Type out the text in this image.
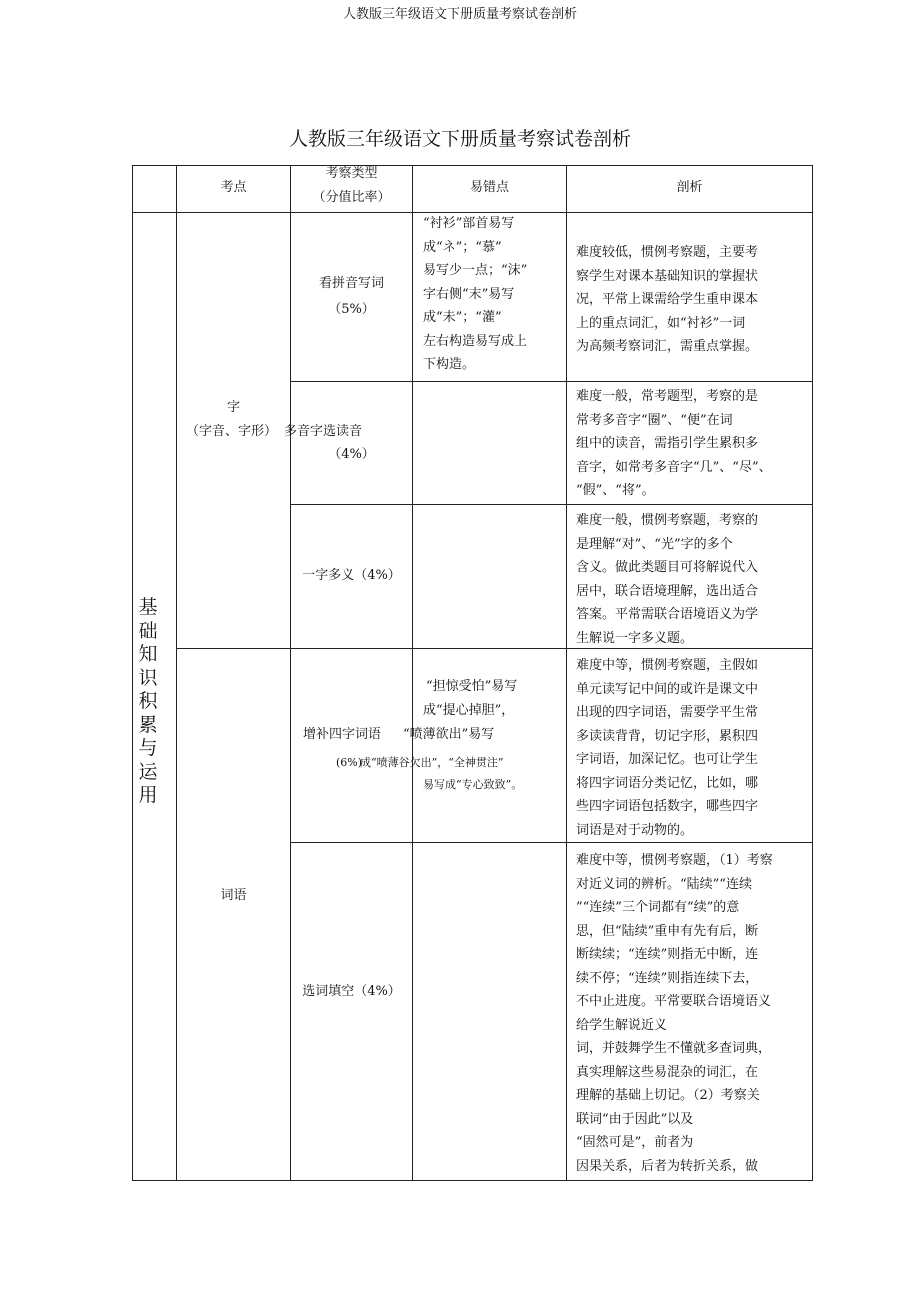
人教版三年级语文下册质量考察试卷剖析
人教版三年级语文下册质量考察试卷剖析
考点
考察类型
（分值比率）
易错点	剖析
基
础
知
识
积
累
与
运
用
字
（字音、字形）
词语
看拼音写词
（5%）
“衬衫”部首易写
成“ネ”；“慕”
易写少一点；“沫”
字右侧“末”易写
成“未”；“灌”
左右构造易写成上
下构造。
难度较低，惯例考察题，主要考
察学生对课本基础知识的掌握状
况，平常上课需给学生重申课本
上的重点词汇，如“衬衫”一词
为高频考察词汇，需重点掌握。
多音字选读音
（4%）
难度一般，常考题型，考察的是
常考多音字“圈”、“便”在词
组中的读音，需指引学生累积多
音字，如常考多音字“几”、“尽”、
“假”、“将”。
一字多义（4%）
难度一般，惯例考察题，考察的
是理解“对”、“光”字的多个
含义。做此类题目可将解说代入
居中，联合语境理解，选出适合
答案。平常需联合语境语义为学
生解说一字多义题。
“担惊受怕”易写
成“提心掉胆”，
增补四字词语 “喷薄欲出”易写
(6%)
成“喷薄谷欠出”，“全神贯注”
易写成“专心致致”。
难度中等，惯例考察题，主假如
单元读写记中间的或许是课文中
出现的四字词语，需要学平生常
多读读背背，切记字形，累积四
字词语，加深记忆。也可让学生
将四字词语分类记忆，比如，哪
些四字词语包括数字，哪些四字
词语是对于动物的。
选词填空（4%）
难度中等，惯例考察题，（1）考察
对近义词的辨析。“陆续”“连续
”“连续”三个词都有“续”的意
思，但“陆续”重申有先有后，断
断续续；“连续”则指无中断，连
续不停；“连续”则指连续下去，
不中止进度。平常要联合语境语义
给学生解说近义
词，并鼓舞学生不懂就多查词典，
真实理解这些易混杂的词汇，在
理解的基础上切记。（2）考察关
联词“由于因此”以及
“固然可是”，前者为
因果关系，后者为转折关系，做
